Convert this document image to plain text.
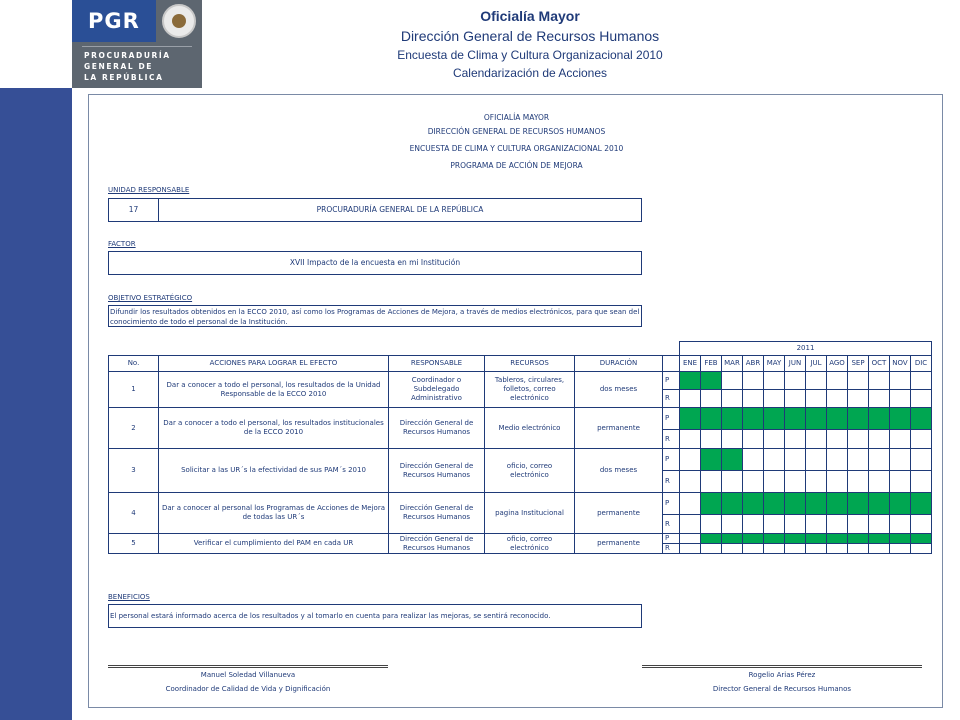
PGR
PROCURADURÍA
GENERAL DE
LA REPÚBLICA
Oficialía Mayor
Dirección General de Recursos Humanos
Encuesta de Clima y Cultura Organizacional 2010
Calendarización de Acciones
OFICIALÍA MAYOR
DIRECCIÓN GENERAL DE RECURSOS HUMANOS
ENCUESTA DE CLIMA Y CULTURA ORGANIZACIONAL 2010
PROGRAMA DE ACCIÓN DE MEJORA
UNIDAD RESPONSABLE
17	PROCURADURÍA GENERAL DE LA REPÚBLICA
FACTOR
XVII Impacto de la encuesta en mi Institución
OBJETIVO ESTRATÉGICO
Difundir los resultados obtenidos en la ECCO 2010, así como los Programas de Acciones de Mejora, a través de medios electrónicos, para que sean del conocimiento de todo el personal de la Institución.
						2011											
No.	ACCIONES PARA LOGRAR EL EFECTO	RESPONSABLE	RECURSOS	DURACIÓN		ENE	FEB	MAR	ABR	MAY	JUN	JUL	AGO	SEP	OCT	NOV	DIC
1	Dar a conocer a todo el personal, los resultados de la Unidad Responsable de la ECCO 2010	Coordinador o Subdelegado Administrativo	Tableros, circulares, folletos, correo electrónico	dos meses	P												
					R												
2	Dar a conocer a todo el personal, los resultados institucionales de la ECCO 2010	Dirección General de Recursos Humanos	Medio electrónico	permanente	P												
					R												
3	Solicitar a las UR´s la efectividad de sus PAM´s 2010	Dirección General de Recursos Humanos	oficio, correo electrónico	dos meses	P												
					R												
4	Dar a conocer al personal los Programas de Acciones de Mejora de todas las UR´s	Dirección General de Recursos Humanos	pagina Institucional	permanente	P												
					R												
5	Verificar el cumplimiento del PAM en cada UR	Dirección General de Recursos Humanos	oficio, correo electrónico	permanente	P												
					R												
BENEFICIOS
El personal estará informado acerca de los resultados y al tomarlo en cuenta para realizar las mejoras, se sentirá reconocido.
Manuel Soledad Villanueva
Coordinador de Calidad de Vida y Dignificación
Rogelio Arias Pérez
Director General de Recursos Humanos
